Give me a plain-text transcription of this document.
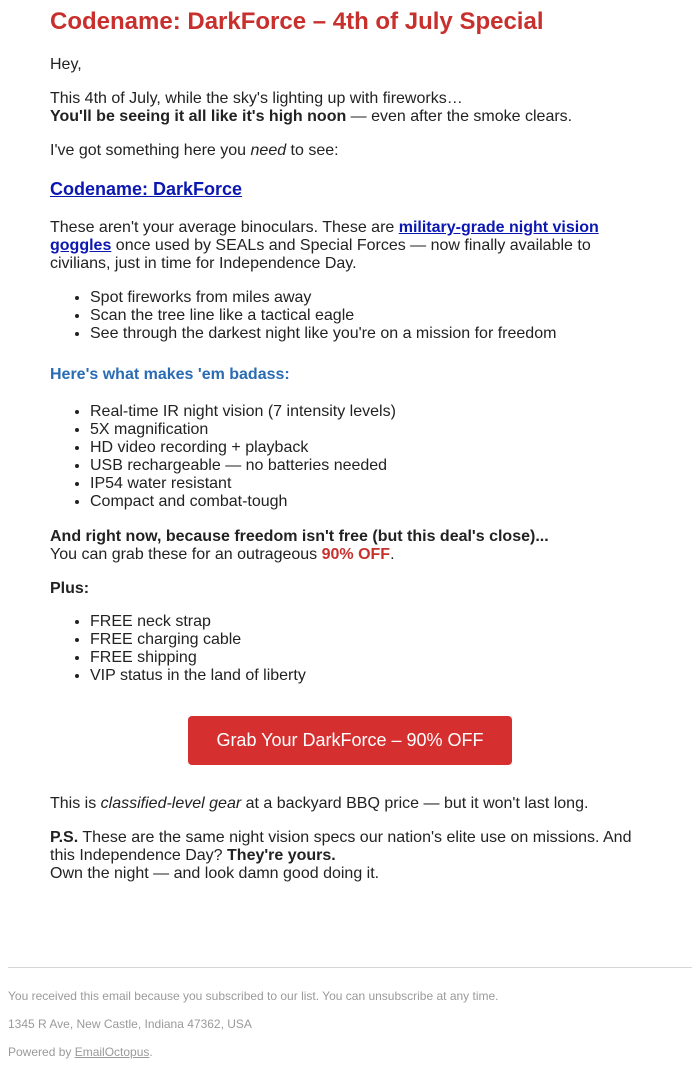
Codename: DarkForce – 4th of July Special

Hey,

This 4th of July, while the sky's lighting up with fireworks…
You'll be seeing it all like it's high noon — even after the smoke clears.

I've got something here you need to see:

Codename: DarkForce

These aren't your average binoculars. These are military-grade night vision goggles once used by SEALs and Special Forces — now finally available to civilians, just in time for Independence Day.

• Spot fireworks from miles away
• Scan the tree line like a tactical eagle
• See through the darkest night like you're on a mission for freedom

Here's what makes 'em badass:

• Real-time IR night vision (7 intensity levels)
• 5X magnification
• HD video recording + playback
• USB rechargeable — no batteries needed
• IP54 water resistant
• Compact and combat-tough

And right now, because freedom isn't free (but this deal's close)...
You can grab these for an outrageous 90% OFF.

Plus:

• FREE neck strap
• FREE charging cable
• FREE shipping
• VIP status in the land of liberty
Grab Your DarkForce – 90% OFF

This is classified-level gear at a backyard BBQ price — but it won't last long.

P.S. These are the same night vision specs our nation's elite use on missions. And this Independence Day? They're yours.
Own the night — and look damn good doing it.

You received this email because you subscribed to our list. You can unsubscribe at any time.
1345 R Ave, New Castle, Indiana 47362, USA
Powered by EmailOctopus.
